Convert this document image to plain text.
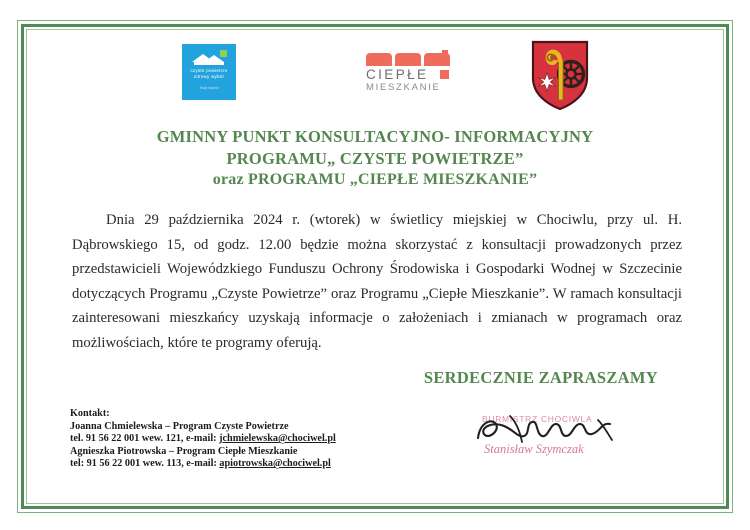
czyste powietrze
zdrowy wybór
Twój wybór
CIEPŁE
MIESZKANIE
GMINNY PUNKT KONSULTACYJNO- INFORMACYJNY
PROGRAMU„ CZYSTE POWIETRZE”
oraz PROGRAMU „CIEPŁE MIESZKANIE”

Dnia 29 października 2024 r. (wtorek) w świetlicy miejskiej w Chociwlu, przy ul. H. Dąbrowskiego 15, od godz. 12.00 będzie można skorzystać z konsultacji prowadzonych przez przedstawicieli Wojewódzkiego Funduszu Ochrony Środowiska i Gospodarki Wodnej w Szczecinie dotyczących Programu „Czyste Powietrze” oraz Programu „Ciepłe Mieszkanie”. W ramach konsultacji zainteresowani mieszkańcy uzyskają informacje o założeniach i zmianach w programach oraz możliwościach, które te programy oferują.

SERDECZNIE ZAPRASZAMY
Kontakt:
Joanna Chmielewska – Program Czyste Powietrze
tel. 91 56 22 001 wew. 121, e-mail: jchmielewska@chociwel.pl
Agnieszka Piotrowska – Program Ciepłe Mieszkanie
tel: 91 56 22 001 wew. 113, e-mail: apiotrowska@chociwel.pl
BURMISTRZ CHOCIWLA
Stanisław Szymczak
